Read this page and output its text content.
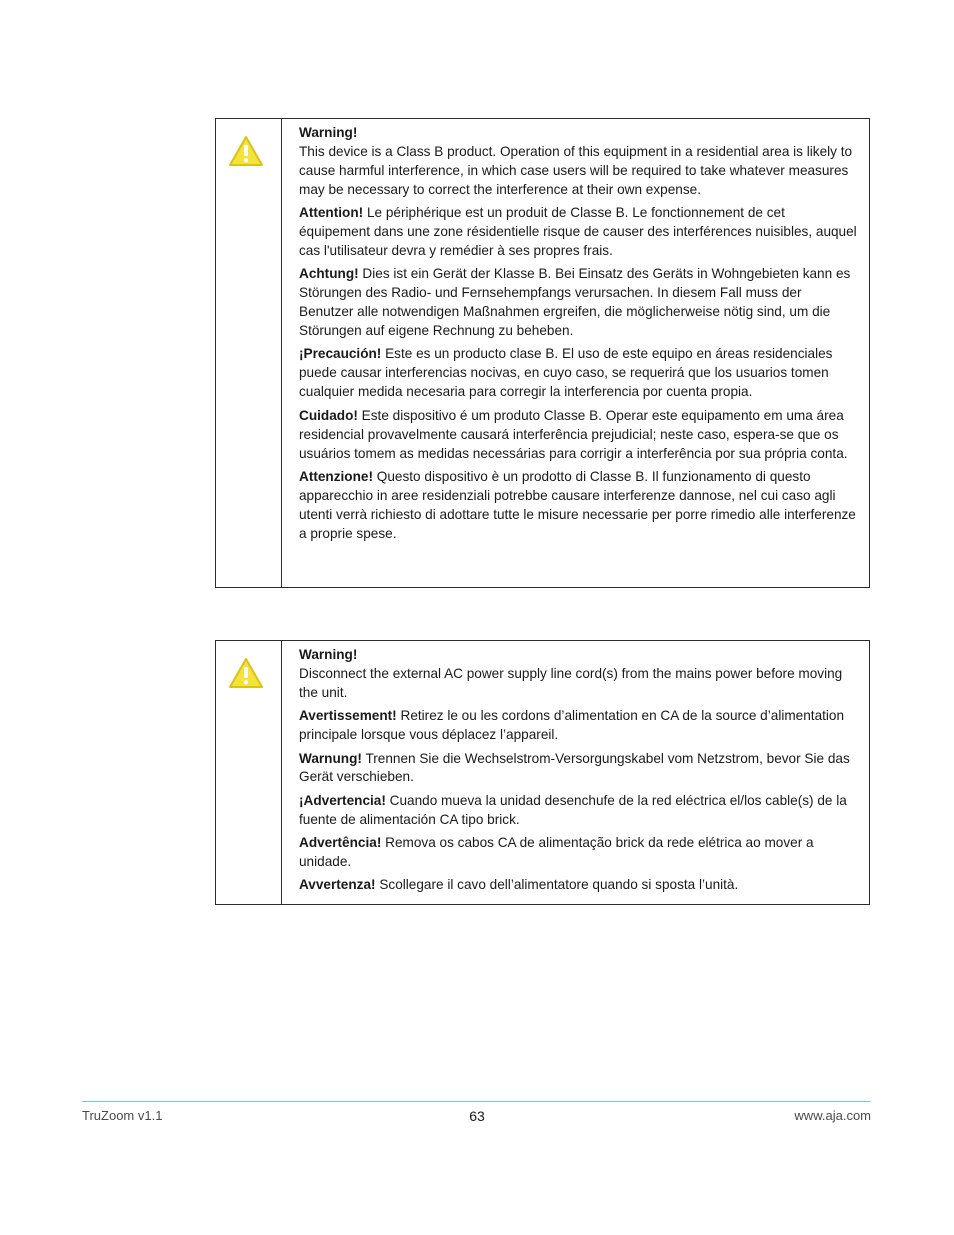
Warning!
This device is a Class B product. Operation of this equipment in a residential area is likely to cause harmful interference, in which case users will be required to take whatever measures may be necessary to correct the interference at their own expense.

Attention! Le périphérique est un produit de Classe B. Le fonctionnement de cet équipement dans une zone résidentielle risque de causer des interférences nuisibles, auquel cas l'utilisateur devra y remédier à ses propres frais.

Achtung! Dies ist ein Gerät der Klasse B. Bei Einsatz des Geräts in Wohngebieten kann es Störungen des Radio- und Fernsehempfangs verursachen. In diesem Fall muss der Benutzer alle notwendigen Maßnahmen ergreifen, die möglicherweise nötig sind, um die Störungen auf eigene Rechnung zu beheben.

¡Precaución! Este es un producto clase B. El uso de este equipo en áreas residenciales puede causar interferencias nocivas, en cuyo caso, se requerirá que los usuarios tomen cualquier medida necesaria para corregir la interferencia por cuenta propia.

Cuidado! Este dispositivo é um produto Classe B. Operar este equipamento em uma área residencial provavelmente causará interferência prejudicial; neste caso, espera-se que os usuários tomem as medidas necessárias para corrigir a interferência por sua própria conta.

Attenzione! Questo dispositivo è un prodotto di Classe B. Il funzionamento di questo apparecchio in aree residenziali potrebbe causare interferenze dannose, nel cui caso agli utenti verrà richiesto di adottare tutte le misure necessarie per porre rimedio alle interferenze a proprie spese.

Warning!
Disconnect the external AC power supply line cord(s) from the mains power before moving the unit.

Avertissement! Retirez le ou les cordons d’alimentation en CA de la source d’alimentation principale lorsque vous déplacez l’appareil.

Warnung! Trennen Sie die Wechselstrom-Versorgungskabel vom Netzstrom, bevor Sie das Gerät verschieben.

¡Advertencia! Cuando mueva la unidad desenchufe de la red eléctrica el/los cable(s) de la fuente de alimentación CA tipo brick.

Advertência! Remova os cabos CA de alimentação brick da rede elétrica ao mover a unidade.

Avvertenza! Scollegare il cavo dell’alimentatore quando si sposta l’unità.

TruZoom v1.1	63	www.aja.com
